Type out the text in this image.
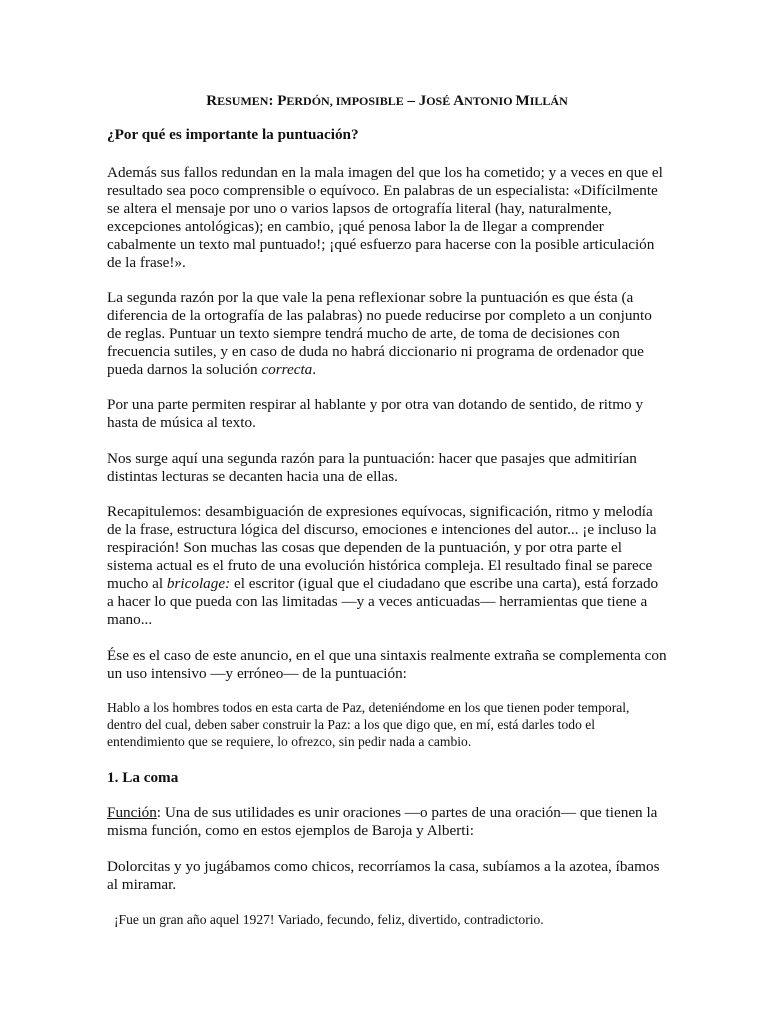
RESUMEN: PERDÓN, IMPOSIBLE – JOSÉ ANTONIO MILLÁN
¿Por qué es importante la puntuación?
Además sus fallos redundan en la mala imagen del que los ha cometido; y a veces en que el resultado sea poco comprensible o equívoco. En palabras de un especialista: «Difícilmente se altera el mensaje por uno o varios lapsos de ortografía literal (hay, naturalmente, excepciones antológicas); en cambio, ¡qué penosa labor la de llegar a comprender cabalmente un texto mal puntuado!; ¡qué esfuerzo para hacerse con la posible articulación de la frase!».
La segunda razón por la que vale la pena reflexionar sobre la puntuación es que ésta (a diferencia de la ortografía de las palabras) no puede reducirse por completo a un conjunto de reglas. Puntuar un texto siempre tendrá mucho de arte, de toma de decisiones con frecuencia sutiles, y en caso de duda no habrá diccionario ni programa de ordenador que pueda darnos la solución correcta.
Por una parte permiten respirar al hablante y por otra van dotando de sentido, de ritmo y hasta de música al texto.
Nos surge aquí una segunda razón para la puntuación: hacer que pasajes que admitirían distintas lecturas se decanten hacia una de ellas.
Recapitulemos: desambiguación de expresiones equívocas, significación, ritmo y melodía de la frase, estructura lógica del discurso, emociones e intenciones del autor... ¡e incluso la respiración! Son muchas las cosas que dependen de la puntuación, y por otra parte el sistema actual es el fruto de una evolución histórica compleja. El resultado final se parece mucho al bricolage: el escritor (igual que el ciudadano que escribe una carta), está forzado a hacer lo que pueda con las limitadas —y a veces anticuadas— herramientas que tiene a mano...
Ése es el caso de este anuncio, en el que una sintaxis realmente extraña se complementa con un uso intensivo —y erróneo— de la puntuación:
Hablo a los hombres todos en esta carta de Paz, deteniéndome en los que tienen poder temporal, dentro del cual, deben saber construir la Paz: a los que digo que, en mí, está darles todo el entendimiento que se requiere, lo ofrezco, sin pedir nada a cambio.
1. La coma
Función: Una de sus utilidades es unir oraciones —o partes de una oración— que tienen la misma función, como en estos ejemplos de Baroja y Alberti:
Dolorcitas y yo jugábamos como chicos, recorríamos la casa, subíamos a la azotea, íbamos al miramar.
¡Fue un gran año aquel 1927! Variado, fecundo, feliz, divertido, contradictorio.
